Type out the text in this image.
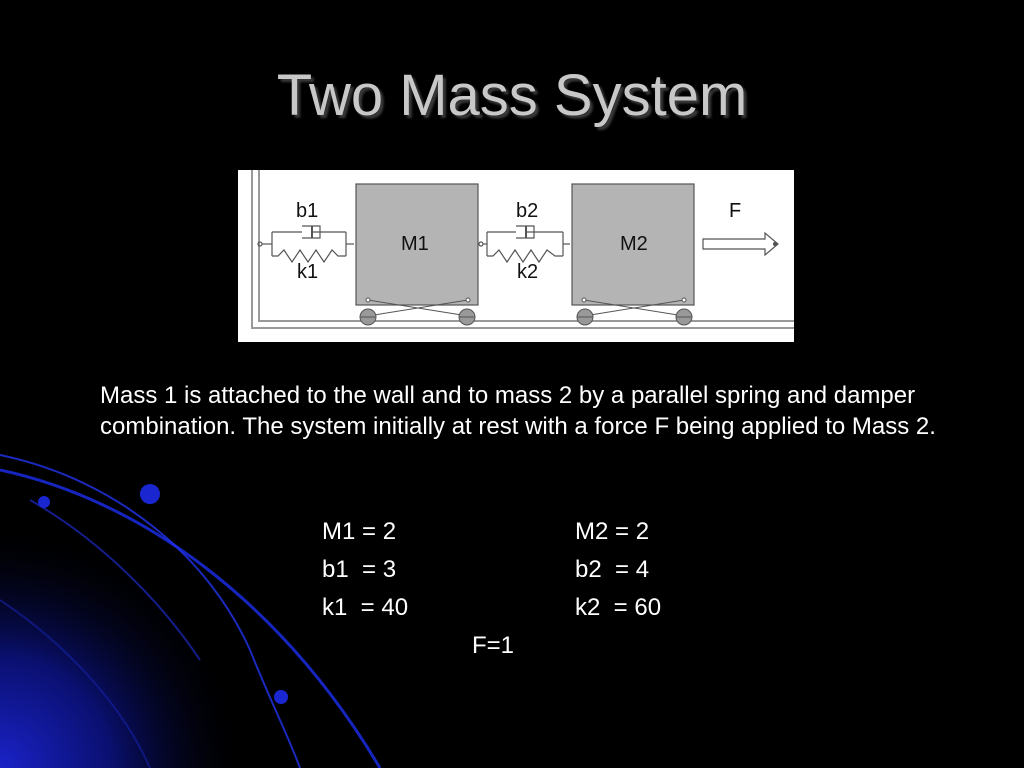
Two Mass System
b1
k1
M1
b2
k2
M2
F
Mass 1 is attached to the wall and to mass 2 by a parallel spring and damper combination. The system initially at rest with a force F being applied to Mass 2.
M1 = 2	M2 = 2
b1  = 3	b2  = 4
k1  = 40	k2  = 60
F=1
